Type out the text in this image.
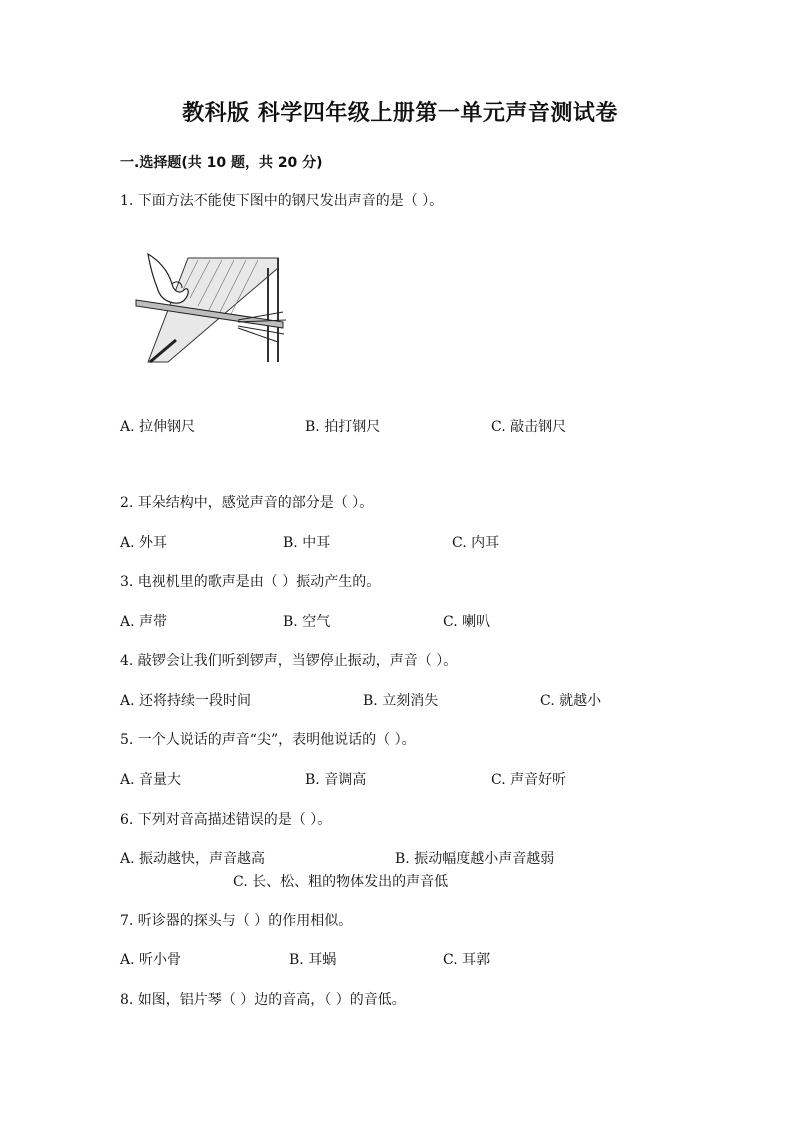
教科版 科学四年级上册第一单元声音测试卷
一.选择题(共 10 题，共 20 分)
1. 下面方法不能使下图中的钢尺发出声音的是（ ）。
A. 拉伸钢尺	B. 拍打钢尺	C. 敲击钢尺
2. 耳朵结构中，感觉声音的部分是（ ）。
A. 外耳	B. 中耳	C. 内耳
3. 电视机里的歌声是由（ ）振动产生的。
A. 声带	B. 空气	C. 喇叭
4. 敲锣会让我们听到锣声，当锣停止振动，声音（ ）。
A. 还将持续一段时间	B. 立刻消失	C. 就越小
5. 一个人说话的声音“尖”，表明他说话的（ ）。
A. 音量大	B. 音调高	C. 声音好听
6. 下列对音高描述错误的是（ ）。
A. 振动越快，声音越高	B. 振动幅度越小声音越弱
C. 长、松、粗的物体发出的声音低
7. 听诊器的探头与（ ）的作用相似。
A. 听小骨	B. 耳蜗	C. 耳郭
8. 如图，铝片琴（ ）边的音高，（ ）的音低。
